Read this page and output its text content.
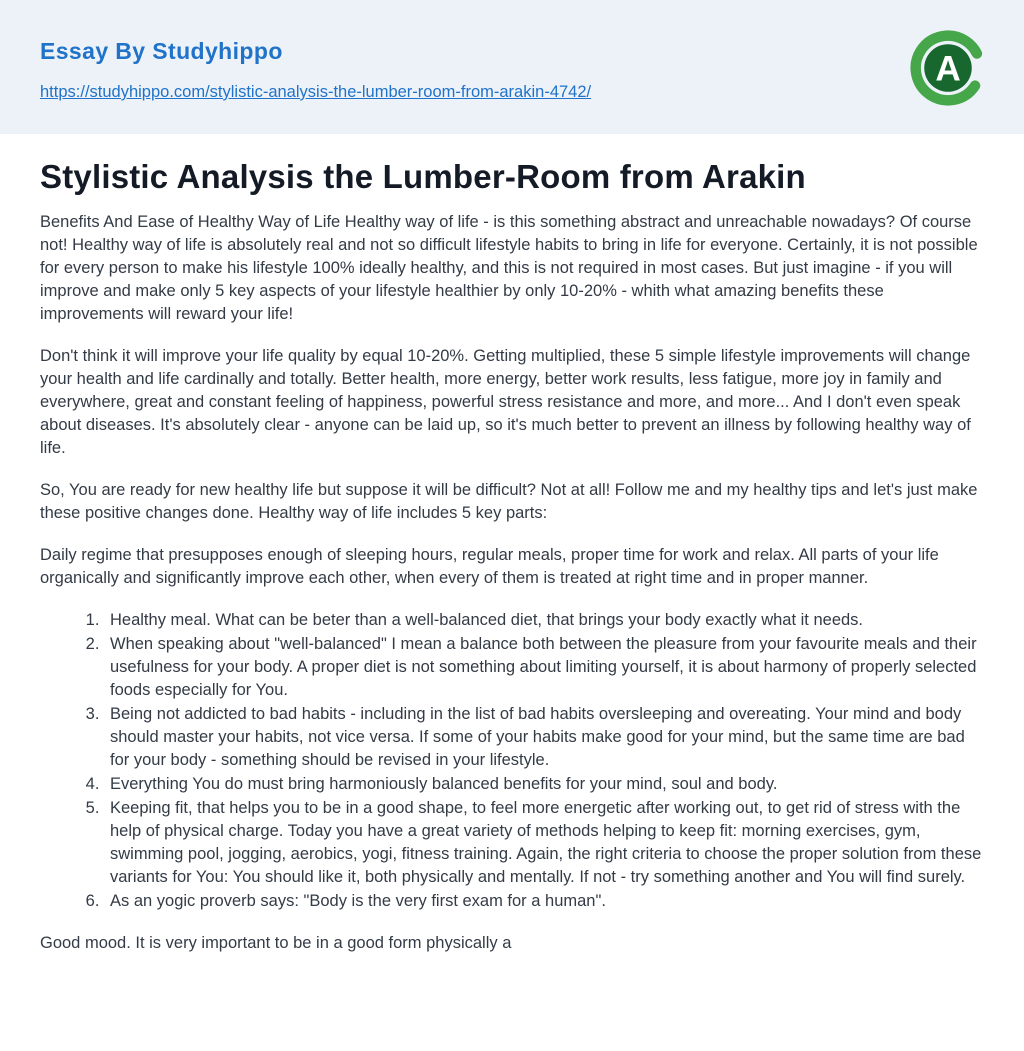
Essay By Studyhippo
https://studyhippo.com/stylistic-analysis-the-lumber-room-from-arakin-4742/
A
Stylistic Analysis the Lumber-Room from Arakin

Benefits And Ease of Healthy Way of Life Healthy way of life - is this something abstract and unreachable nowadays? Of course not! Healthy way of life is absolutely real and not so difficult lifestyle habits to bring in life for everyone. Certainly, it is not possible for every person to make his lifestyle 100% ideally healthy, and this is not required in most cases. But just imagine - if you will improve and make only 5 key aspects of your lifestyle healthier by only 10-20% - whith what amazing benefits these improvements will reward your life!

Don't think it will improve your life quality by equal 10-20%. Getting multiplied, these 5 simple lifestyle improvements will change your health and life cardinally and totally. Better health, more energy, better work results, less fatigue, more joy in family and everywhere, great and constant feeling of happiness, powerful stress resistance and more, and more... And I don't even speak about diseases. It's absolutely clear - anyone can be laid up, so it's much better to prevent an illness by following healthy way of life.

So, You are ready for new healthy life but suppose it will be difficult? Not at all! Follow me and my healthy tips and let's just make these positive changes done. Healthy way of life includes 5 key parts:

Daily regime that presupposes enough of sleeping hours, regular meals, proper time for work and relax. All parts of your life organically and significantly improve each other, when every of them is treated at right time and in proper manner.

1. Healthy meal. What can be beter than a well-balanced diet, that brings your body exactly what it needs.
2. When speaking about "well-balanced" I mean a balance both between the pleasure from your favourite meals and their usefulness for your body. A proper diet is not something about limiting yourself, it is about harmony of properly selected foods especially for You.
3. Being not addicted to bad habits - including in the list of bad habits oversleeping and overeating. Your mind and body should master your habits, not vice versa. If some of your habits make good for your mind, but the same time are bad for your body - something should be revised in your lifestyle.
4. Everything You do must bring harmoniously balanced benefits for your mind, soul and body.
5. Keeping fit, that helps you to be in a good shape, to feel more energetic after working out, to get rid of stress with the help of physical charge. Today you have a great variety of methods helping to keep fit: morning exercises, gym, swimming pool, jogging, aerobics, yogi, fitness training. Again, the right criteria to choose the proper solution from these variants for You: You should like it, both physically and mentally. If not - try something another and You will find surely.
6. As an yogic proverb says: "Body is the very first exam for a human".

Good mood. It is very important to be in a good form physically a
